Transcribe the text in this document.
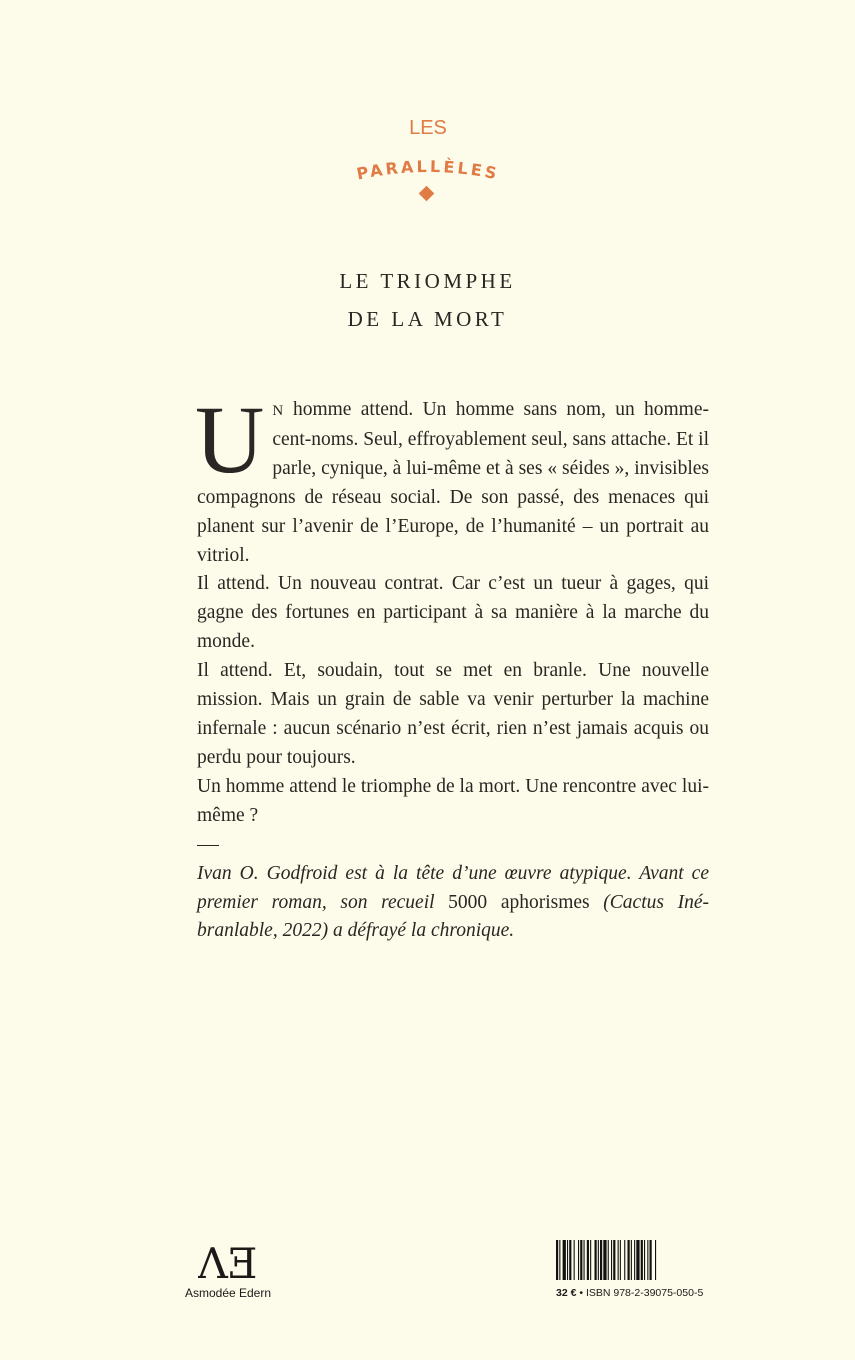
LES
PARALLÈLES
LE TRIOMPHE
DE LA MORT

U N homme attend. Un homme sans nom, un homme-cent-noms. Seul, effroyablement seul, sans attache. Et il parle, cynique, à lui-même et à ses « séides », invisibles compagnons de réseau social. De son passé, des menaces qui planent sur l’avenir de l’Europe, de l’humanité – un portrait au vitriol.

Il attend. Un nouveau contrat. Car c’est un tueur à gages, qui gagne des fortunes en participant à sa manière à la marche du monde.

Il attend. Et, soudain, tout se met en branle. Une nouvelle mission. Mais un grain de sable va venir perturber la machine infernale : aucun scénario n’est écrit, rien n’est jamais acquis ou perdu pour toujours.

Un homme attend le triomphe de la mort. Une rencontre avec lui-même ?

Ivan O. Godfroid est à la tête d’une œuvre atypique. Avant ce premier roman, son recueil 5000 aphorismes (Cactus Inébranlable, 2022) a défrayé la chronique.

ΛƎ
Asmodée Edern	32 € • ISBN 978-2-39075-050-5
